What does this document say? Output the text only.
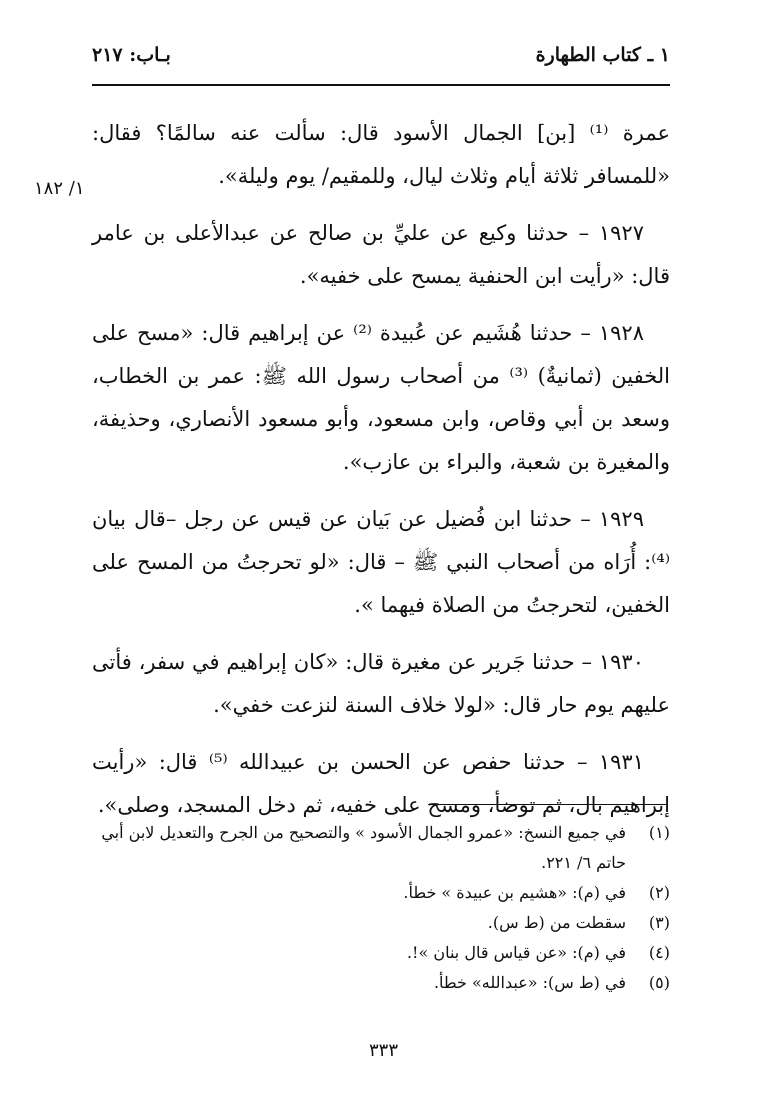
١ ـ كتاب الطهارة
بـاب: ٢١٧
١/ ١٨٢

عمرة ⁽¹⁾ [بن] الجمال الأسود قال: سألت عنه سالمًا؟ فقال: «للمسافر ثلاثة أيام وثلاث ليال، وللمقيم/ يوم وليلة».

١٩٢٧ – حدثنا وكيع عن عليِّ بن صالح عن عبدالأعلى بن عامر قال: «رأيت ابن الحنفية يمسح على خفيه».

١٩٢٨ – حدثنا هُشَيم عن عُبيدة ⁽²⁾ عن إبراهيم قال: «مسح على الخفين (ثمانيةٌ) ⁽³⁾ من أصحاب رسول الله ﷺ: عمر بن الخطاب، وسعد بن أبي وقاص، وابن مسعود، وأبو مسعود الأنصاري، وحذيفة، والمغيرة بن شعبة، والبراء بن عازب».

١٩٢٩ – حدثنا ابن فُضيل عن بَيان عن قيس عن رجل –قال بيان ⁽⁴⁾: أُرَاه من أصحاب النبي ﷺ – قال: «لو تحرجتُ من المسح على الخفين، لتحرجتُ من الصلاة فيهما ».

١٩٣٠ – حدثنا جَرير عن مغيرة قال: «كان إبراهيم في سفر، فأتى عليهم يوم حار قال: «لولا خلاف السنة لنزعت خفي».

١٩٣١ – حدثنا حفص عن الحسن بن عبيدالله ⁽⁵⁾ قال: «رأيت إبراهيم بال، ثم توضأ، ومسح على خفيه، ثم دخل المسجد، وصلى».

(١)
في جميع النسخ: «عمرو الجمال الأسود » والتصحيح من الجرح والتعديل لابن أبي حاتم ٦/ ٢٢١.
(٢)
في (م): «هشيم بن عبيدة » خطأ.
(٣)
سقطت من (ط س).
(٤)
في (م): «عن قياس قال بنان »!.
(٥)
في (ط س): «عبدالله» خطأ.
٣٣٣
